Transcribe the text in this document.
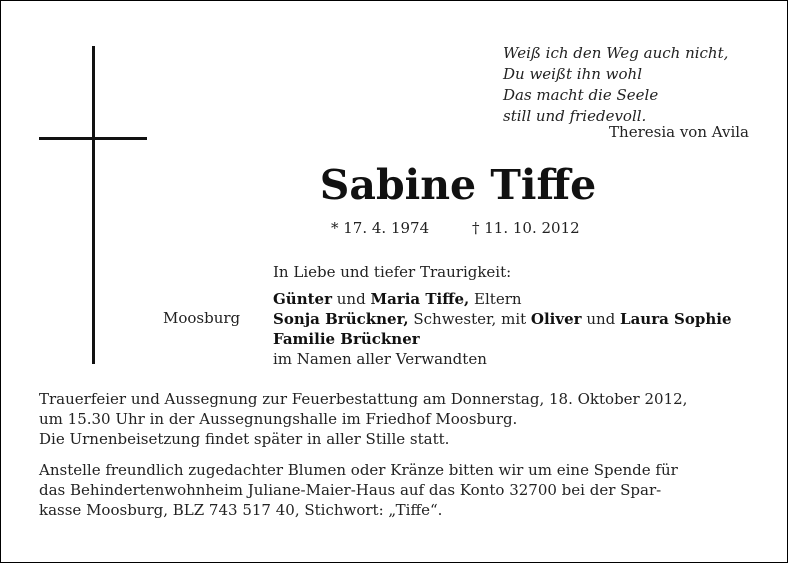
Weiß ich den Weg auch nicht,
Du weißt ihn wohl
Das macht die Seele
still und friedevoll.
Theresia von Avila
Sabine Tiffe
* 17. 4. 1974	† 11. 10. 2012
In Liebe und tiefer Traurigkeit:
Moosburg
Günter und Maria Tiffe, Eltern
Sonja Brückner, Schwester, mit Oliver und Laura Sophie
Familie Brückner
im Namen aller Verwandten
Trauerfeier und Aussegnung zur Feuerbestattung am Donnerstag, 18. Oktober 2012,
um 15.30 Uhr in der Aussegnungshalle im Friedhof Moosburg.
Die Urnenbeisetzung findet später in aller Stille statt.
Anstelle freundlich zugedachter Blumen oder Kränze bitten wir um eine Spende für
das Behindertenwohnheim Juliane-Maier-Haus auf das Konto 32700 bei der Spar-
kasse Moosburg, BLZ 743 517 40, Stichwort: „Tiffe“.
